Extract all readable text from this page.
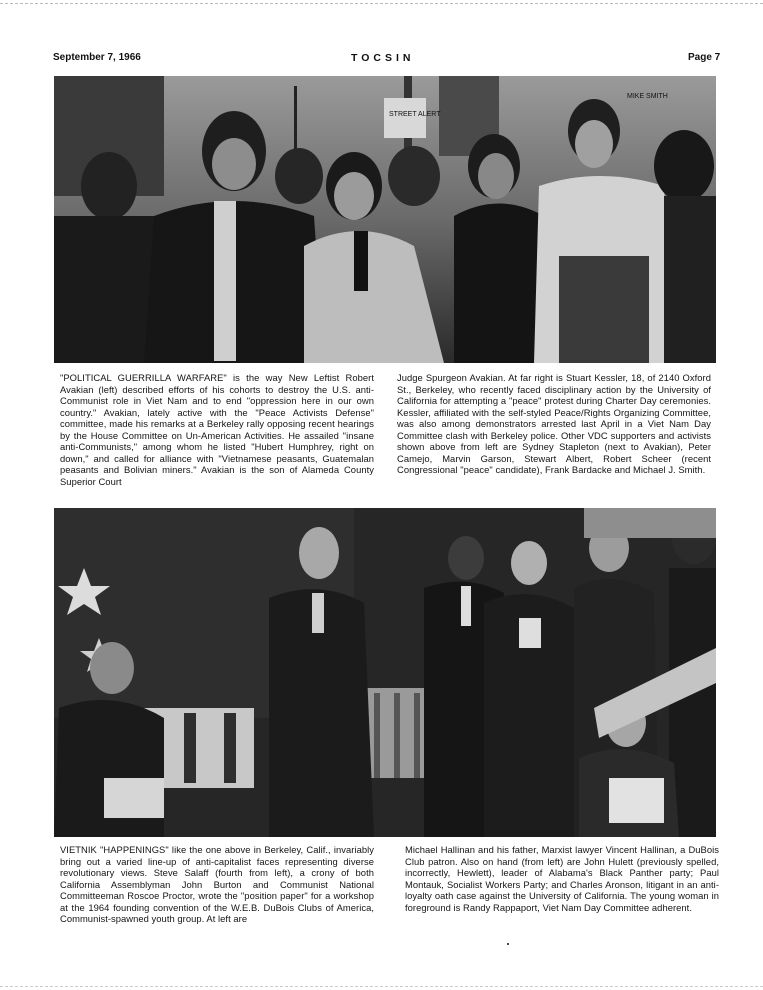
September 7, 1966	TOCSIN	Page 7
STREET ALERT
MIKE SMITH
"POLITICAL GUERRILLA WARFARE" is the way New Leftist Robert Avakian (left) described efforts of his cohorts to destroy the U.S. anti-Communist role in Viet Nam and to end "oppression here in our own country." Avakian, lately active with the "Peace Activists Defense" committee, made his remarks at a Berkeley rally opposing recent hearings by the House Committee on Un-American Activities. He assailed "insane anti-Communists," among whom he listed "Hubert Humphrey, right on down," and called for alliance with "Vietnamese peasants, Guatemalan peasants and Bolivian miners." Avakian is the son of Alameda County Superior Court
Judge Spurgeon Avakian. At far right is Stuart Kessler, 18, of 2140 Oxford St., Berkeley, who recently faced disciplinary action by the University of California for attempting a "peace" protest during Charter Day ceremonies. Kessler, affiliated with the self-styled Peace/Rights Organizing Committee, was also among demonstrators arrested last April in a Viet Nam Day Committee clash with Berkeley police. Other VDC supporters and activists shown above from left are Sydney Stapleton (next to Avakian), Peter Camejo, Marvin Garson, Stewart Albert, Robert Scheer (recent Congressional "peace" candidate), Frank Bardacke and Michael J. Smith.
VIETNIK "HAPPENINGS" like the one above in Berkeley, Calif., invariably bring out a varied line-up of anti-capitalist faces representing diverse revolutionary views. Steve Salaff (fourth from left), a crony of both California Assemblyman John Burton and Communist National Committeeman Roscoe Proctor, wrote the "position paper" for a workshop at the 1964 founding convention of the W.E.B. DuBois Clubs of America, Communist-spawned youth group. At left are
Michael Hallinan and his father, Marxist lawyer Vincent Hallinan, a DuBois Club patron. Also on hand (from left) are John Hulett (previously spelled, incorrectly, Hewlett), leader of Alabama's Black Panther party; Paul Montauk, Socialist Workers Party; and Charles Aronson, litigant in an anti-loyalty oath case against the University of California. The young woman in foreground is Randy Rappaport, Viet Nam Day Committee adherent.
